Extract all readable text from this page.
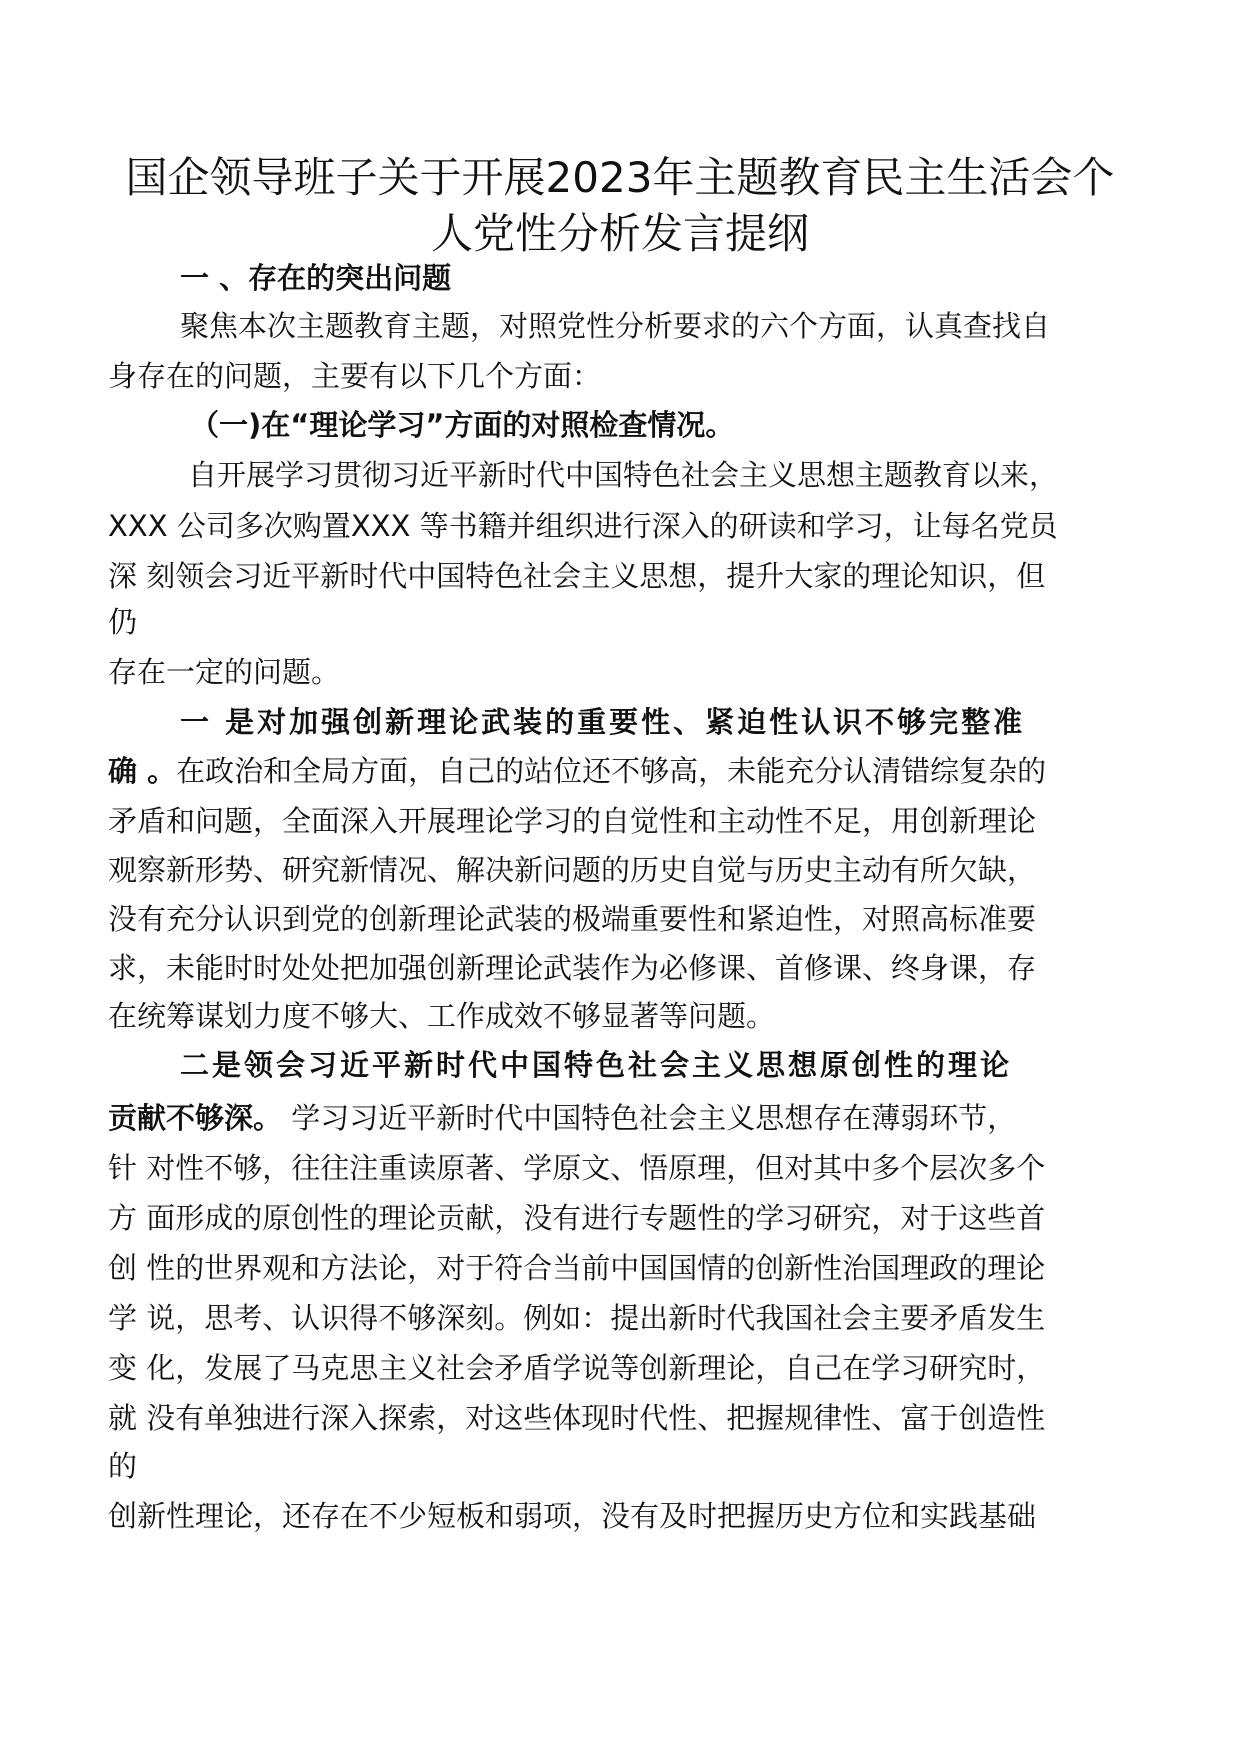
国企领导班子关于开展2023年主题教育民主生活会个
人党性分析发言提纲

一 、存在的突出问题

聚焦本次主题教育主题，对照党性分析要求的六个方面，认真查找自

身存在的问题，主要有以下几个方面：

（一)在“理论学习”方面的对照检查情况。

自开展学习贯彻习近平新时代中国特色社会主义思想主题教育以来，

XXX 公司多次购置XXX 等书籍并组织进行深入的研读和学习，让每名党员

深 刻领会习近平新时代中国特色社会主义思想，提升大家的理论知识，但

仍

存在一定的问题。

一 是对加强创新理论武装的重要性、紧迫性认识不够完整准

确 。在政治和全局方面，自己的站位还不够高，未能充分认清错综复杂的

矛盾和问题，全面深入开展理论学习的自觉性和主动性不足，用创新理论

观察新形势、研究新情况、解决新问题的历史自觉与历史主动有所欠缺，

没有充分认识到党的创新理论武装的极端重要性和紧迫性，对照高标准要

求，未能时时处处把加强创新理论武装作为必修课、首修课、终身课，存

在统筹谋划力度不够大、工作成效不够显著等问题。

二是领会习近平新时代中国特色社会主义思想原创性的理论

贡献不够深。 学习习近平新时代中国特色社会主义思想存在薄弱环节，

针 对性不够，往往注重读原著、学原文、悟原理，但对其中多个层次多个

方 面形成的原创性的理论贡献，没有进行专题性的学习研究，对于这些首

创 性的世界观和方法论，对于符合当前中国国情的创新性治国理政的理论

学 说，思考、认识得不够深刻。例如：提出新时代我国社会主要矛盾发生

变 化，发展了马克思主义社会矛盾学说等创新理论，自己在学习研究时，

就 没有单独进行深入探索，对这些体现时代性、把握规律性、富于创造性

的

创新性理论，还存在不少短板和弱项，没有及时把握历史方位和实践基础
